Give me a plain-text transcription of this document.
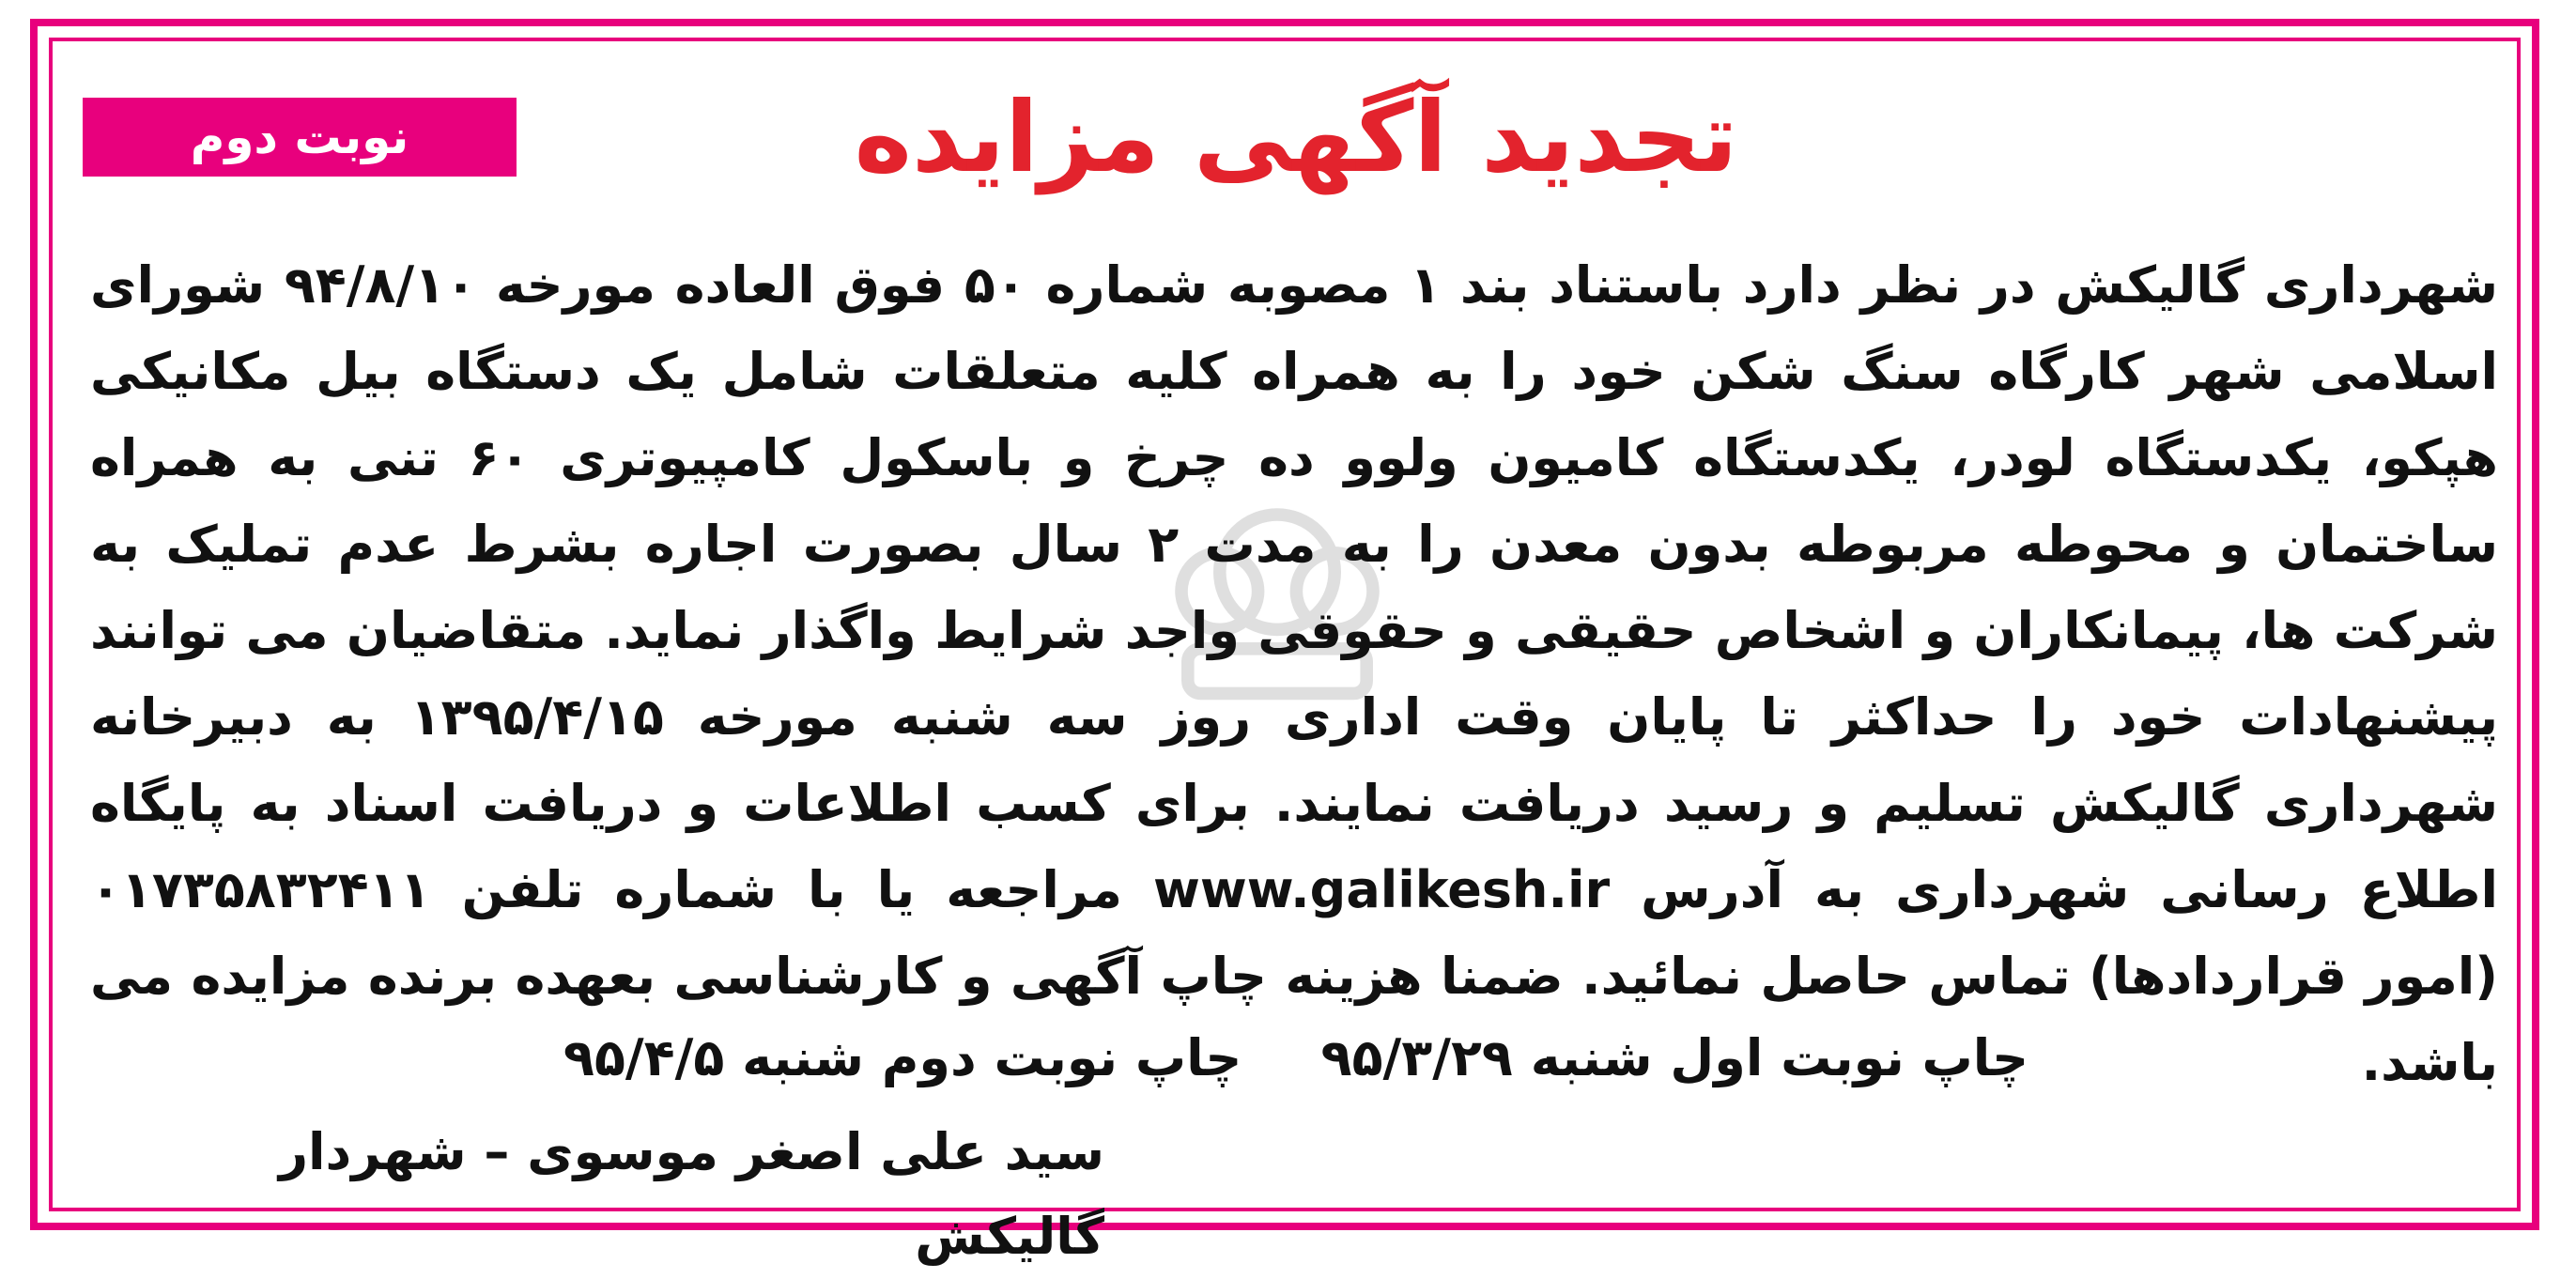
نوبت دوم	تجدید آگهی مزایده
شهرداری گالیکش در نظر دارد باستناد بند ۱ مصوبه شماره ۵۰ فوق العاده مورخه ۹۴/۸/۱۰ شورای اسلامی شهر کارگاه سنگ شکن خود را به همراه کلیه متعلقات شامل یک دستگاه بیل مکانیکی هپکو، یکدستگاه لودر، یکدستگاه کامیون ولوو ده چرخ و باسکول کامپیوتری ۶۰ تنی به همراه ساختمان و محوطه مربوطه بدون معدن را به مدت ۲ سال بصورت اجاره بشرط عدم تملیک به شرکت ها، پیمانکاران و اشخاص حقیقی و حقوقی واجد شرایط واگذار نماید. متقاضیان می توانند پیشنهادات خود را حداکثر تا پایان وقت اداری روز سه شنبه مورخه ۱۳۹۵/۴/۱۵ به دبیرخانه شهرداری گالیکش تسلیم و رسید دریافت نمایند. برای کسب اطلاعات و دریافت اسناد به پایگاه اطلاع رسانی شهرداری به آدرس www.galikesh.ir مراجعه یا با شماره تلفن ۰۱۷۳۵۸۳۲۴۱۱ (امور قراردادها) تماس حاصل نمائید. ضمنا هزینه چاپ آگهی و کارشناسی بعهده برنده مزایده می باشد.
چاپ نوبت اول شنبه ۹۵/۳/۲۹
چاپ نوبت دوم شنبه ۹۵/۴/۵
سید علی اصغر موسوی – شهردار گالیکش
